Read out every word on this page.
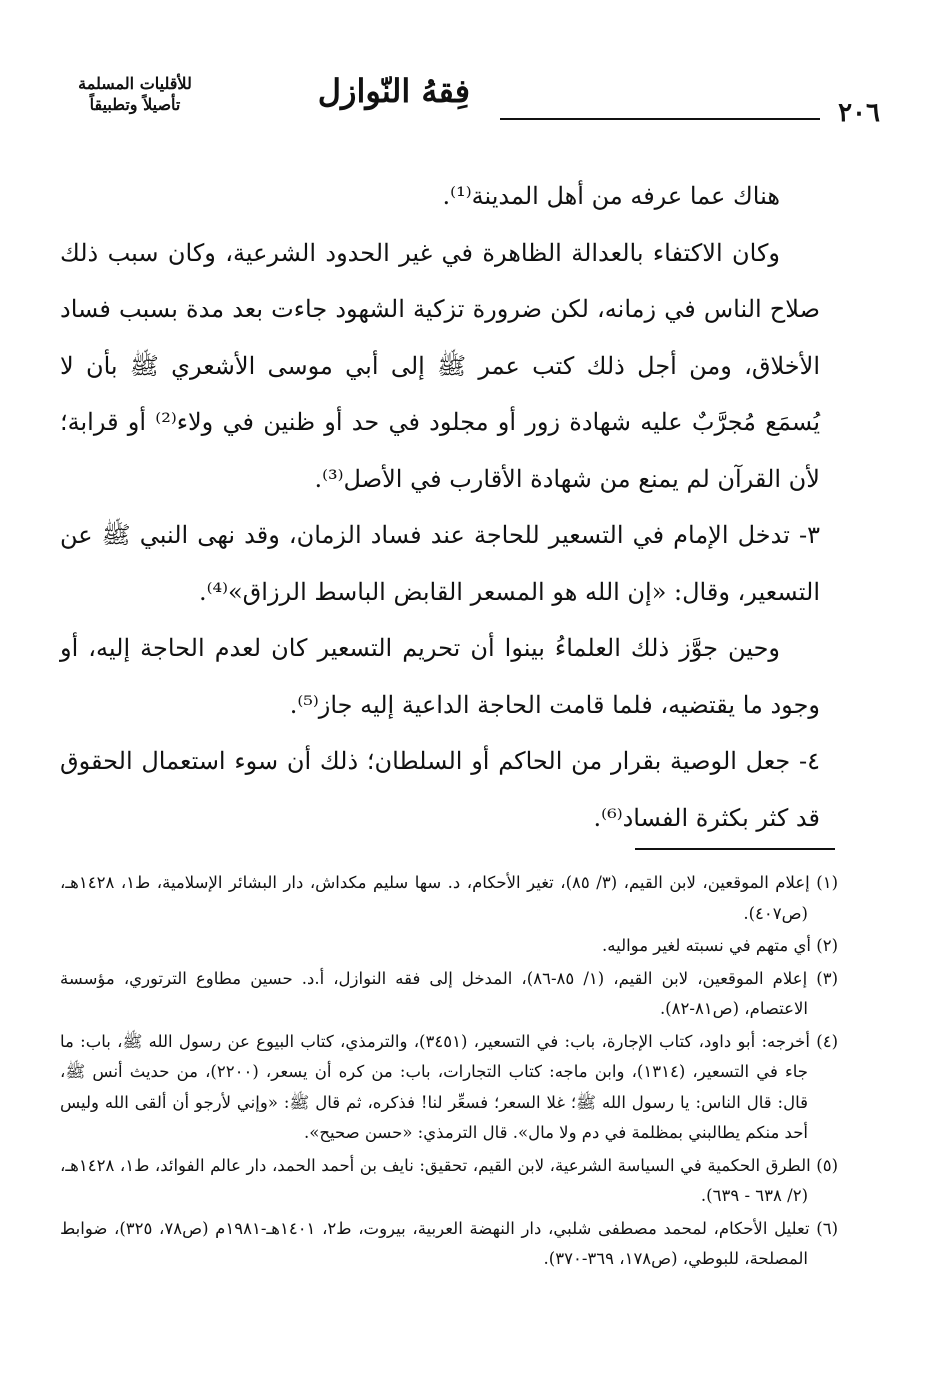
فِقهُ النّوازل
للأقليات المسلمة
تأصيلاً وتطبيقاً	٢٠٦

هناك عما عرفه من أهل المدينة⁽¹⁾.

وكان الاكتفاء بالعدالة الظاهرة في غير الحدود الشرعية، وكان سبب ذلك صلاح الناس في زمانه، لكن ضرورة تزكية الشهود جاءت بعد مدة بسبب فساد الأخلاق، ومن أجل ذلك كتب عمر ﷺ إلى أبي موسى الأشعري ﷺ بأن لا يُسمَع مُجرَّبٌ عليه شهادة زور أو مجلود في حد أو ظنين في ولاء⁽²⁾ أو قرابة؛ لأن القرآن لم يمنع من شهادة الأقارب في الأصل⁽³⁾.

٣- تدخل الإمام في التسعير للحاجة عند فساد الزمان، وقد نهى النبي ﷺ عن التسعير، وقال: «إن الله هو المسعر القابض الباسط الرزاق»⁽⁴⁾.

وحين جوَّز ذلك العلماءُ بينوا أن تحريم التسعير كان لعدم الحاجة إليه، أو وجود ما يقتضيه، فلما قامت الحاجة الداعية إليه جاز⁽⁵⁾.

٤- جعل الوصية بقرار من الحاكم أو السلطان؛ ذلك أن سوء استعمال الحقوق قد كثر بكثرة الفساد⁽⁶⁾.

(١) إعلام الموقعين، لابن القيم، (٣/ ٨٥)، تغير الأحكام، د. سها سليم مكداش، دار البشائر الإسلامية، ط١، ١٤٢٨هـ، (ص٤٠٧).

(٢) أي متهم في نسبته لغير مواليه.

(٣) إعلام الموقعين، لابن القيم، (١/ ٨٥-٨٦)، المدخل إلى فقه النوازل، أ.د. حسين مطاوع الترتوري، مؤسسة الاعتصام، (ص٨١-٨٢).

(٤) أخرجه: أبو داود، كتاب الإجارة، باب: في التسعير، (٣٤٥١)، والترمذي، كتاب البيوع عن رسول الله ﷺ، باب: ما جاء في التسعير، (١٣١٤)، وابن ماجه: كتاب التجارات، باب: من كره أن يسعر، (٢٢٠٠)، من حديث أنس ﷺ، قال: قال الناس: يا رسول الله ﷺ؛ غلا السعر؛ فسعِّر لنا! فذكره، ثم قال ﷺ: «وإني لأرجو أن ألقى الله وليس أحد منكم يطالبني بمظلمة في دم ولا مال». قال الترمذي: «حسن صحيح».

(٥) الطرق الحكمية في السياسة الشرعية، لابن القيم، تحقيق: نايف بن أحمد الحمد، دار عالم الفوائد، ط١، ١٤٢٨هـ، (٢/ ٦٣٨ - ٦٣٩).

(٦) تعليل الأحكام، لمحمد مصطفى شلبي، دار النهضة العربية، بيروت، ط٢، ١٤٠١هـ-١٩٨١م (ص٧٨، ٣٢٥)، ضوابط المصلحة، للبوطي، (ص١٧٨، ٣٦٩-٣٧٠).
